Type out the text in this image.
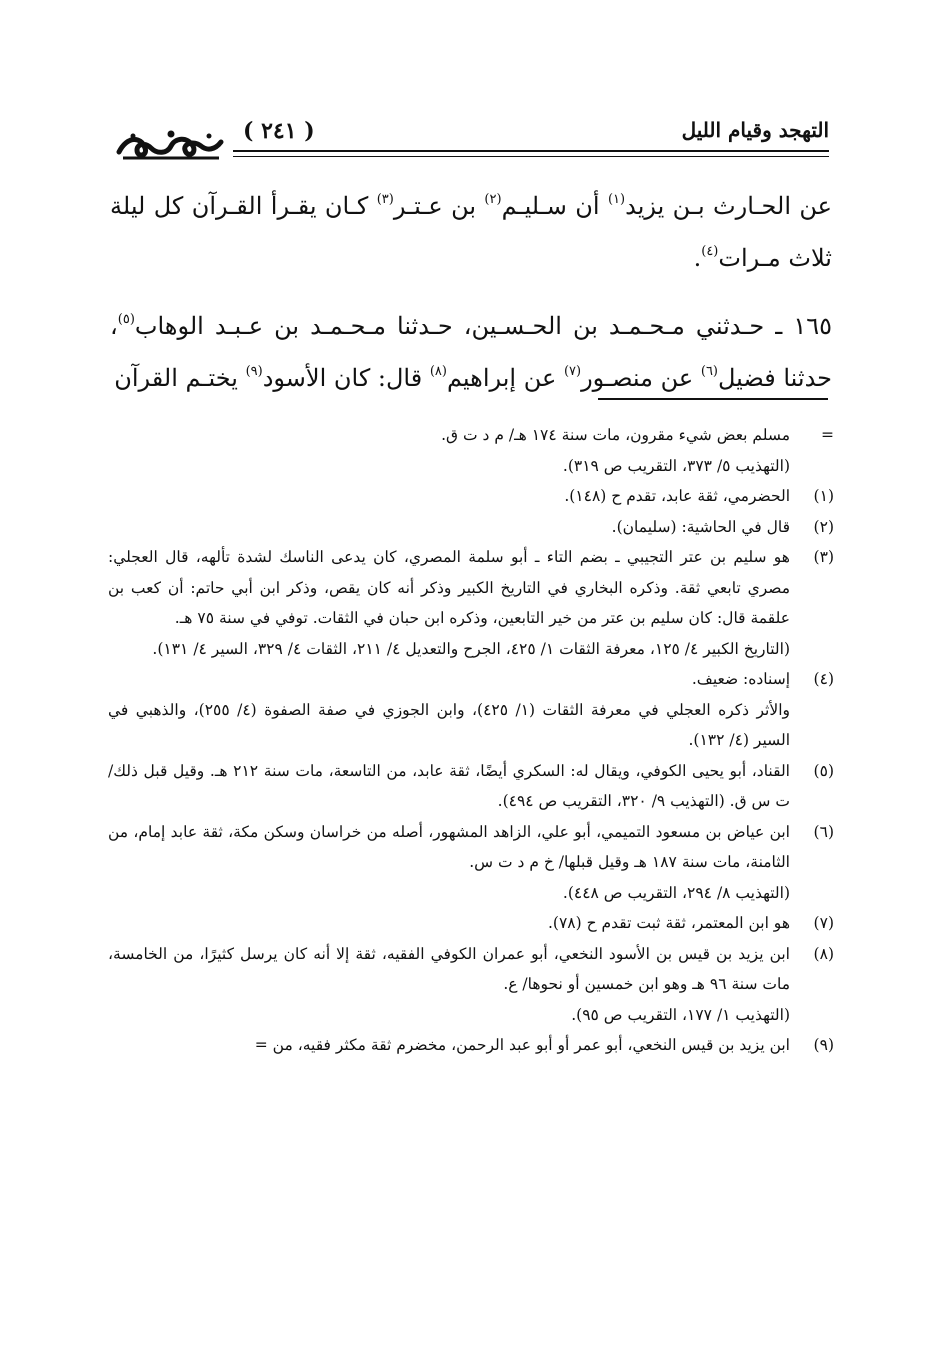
التهجد وقيام الليل
( ٢٤١ )

عن الحـارث بـن يزيد$^{(١)}$ أن سـليـم$^{(٢)}$ بن عـتـر$^{(٣)}$ كـان يقـرأ القـرآن كل ليلة ثلاث مـرات$^{(٤)}$.

١٦٥ ـ حـدثني مـحـمـد بن الحـسـين، حـدثنا مـحـمـد بن عـبـد الوهاب$^{(٥)}$، حدثنا فضيل$^{(٦)}$ عن منصـور$^{(٧)}$ عن إبراهيم$^{(٨)}$ قال: كان الأسود$^{(٩)}$ يختـم القرآن

=

مسلم بعض شيء مقرون، مات سنة ١٧٤ هـ/ م د ت ق.

(التهذيب ٥/ ٣٧٣، التقريب ص ٣١٩).

(١)

الحضرمي، ثقة عابد، تقدم ح (١٤٨).

(٢)

قال في الحاشية: (سليمان).

(٣)

هو سليم بن عتر التجيبي ـ بضم التاء ـ أبو سلمة المصري، كان يدعى الناسك لشدة تألهه، قال العجلي: مصري تابعي ثقة. وذكره البخاري في التاريخ الكبير وذكر أنه كان يقص، وذكر ابن أبي حاتم: أن كعب بن علقمة قال: كان سليم بن عتر من خير التابعين، وذكره ابن حبان في الثقات. توفي في سنة ٧٥ هـ.

(التاريخ الكبير ٤/ ١٢٥، معرفة الثقات ١/ ٤٢٥، الجرح والتعديل ٤/ ٢١١، الثقات ٤/ ٣٢٩، السير ٤/ ١٣١).

(٤)

إسناده: ضعيف.

والأثر ذكره العجلي في معرفة الثقات (١/ ٤٢٥)، وابن الجوزي في صفة الصفوة (٤/ ٢٥٥)، والذهبي في السير (٤/ ١٣٢).

(٥)

القناد، أبو يحيى الكوفي، ويقال له: السكري أيضًا، ثقة عابد، من التاسعة، مات سنة ٢١٢ هـ. وقيل قبل ذلك/ ت س ق. (التهذيب ٩/ ٣٢٠، التقريب ص ٤٩٤).

(٦)

ابن عياض بن مسعود التميمي، أبو علي، الزاهد المشهور، أصله من خراسان وسكن مكة، ثقة عابد إمام، من الثامنة، مات سنة ١٨٧ هـ وقيل قبلها/ خ م د ت س.

(التهذيب ٨/ ٢٩٤، التقريب ص ٤٤٨).

(٧)

هو ابن المعتمر، ثقة ثبت تقدم ح (٧٨).

(٨)

ابن يزيد بن قيس بن الأسود النخعي، أبو عمران الكوفي الفقيه، ثقة إلا أنه كان يرسل كثيرًا، من الخامسة، مات سنة ٩٦ هـ وهو ابن خمسين أو نحوها/ ع.

(التهذيب ١/ ١٧٧، التقريب ص ٩٥).

(٩)

ابن يزيد بن قيس النخعي، أبو عمر أو أبو عبد الرحمن، مخضرم ثقة مكثر فقيه، من =
